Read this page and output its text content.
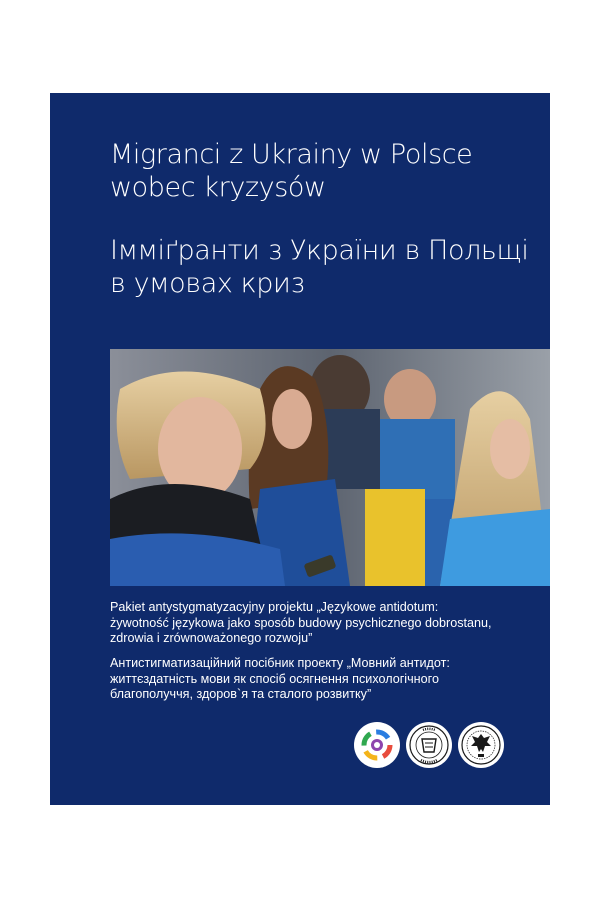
Migranci z Ukrainy w Polsce
wobec kryzysów
Імміґранти з України в Польщі
в умовах криз
Pakiet antystygmatyzacyjny projektu „Językowe antidotum:
żywotność językowa jako sposób budowy psychicznego dobrostanu,
zdrowia i zrównoważonego rozwoju”
Антистигматизаційний посібник проекту „Мовний антидот:
життєздатність мови як спосіб осягнення психологічного
благополуччя, здоров`я та сталого розвитку”
